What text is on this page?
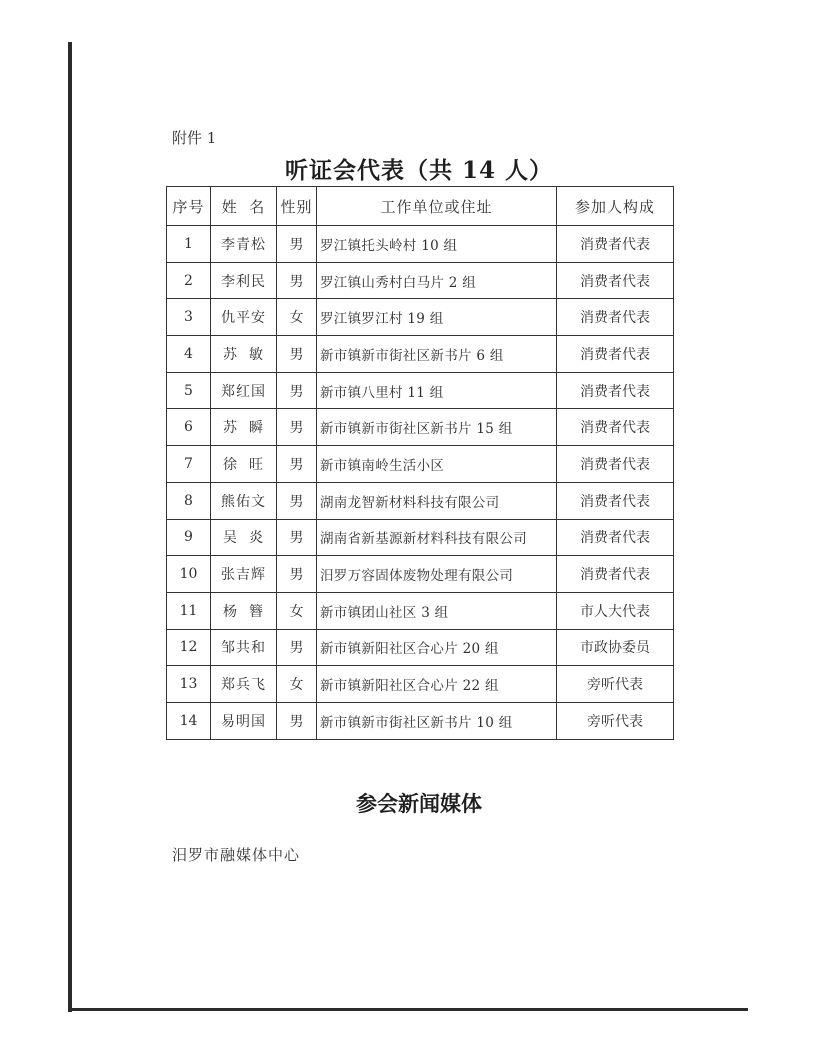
附件 1
听证会代表（共 14 人）
序号	姓  名	性别	工作单位或住址	参加人构成
1	李青松	男	罗江镇托头岭村 10 组	消费者代表
2	李利民	男	罗江镇山秀村白马片 2 组	消费者代表
3	仇平安	女	罗江镇罗江村 19 组	消费者代表
4	苏  敏	男	新市镇新市街社区新书片 6 组	消费者代表
5	郑红国	男	新市镇八里村 11 组	消费者代表
6	苏  瞬	男	新市镇新市街社区新书片 15 组	消费者代表
7	徐  旺	男	新市镇南岭生活小区	消费者代表
8	熊佑文	男	湖南龙智新材料科技有限公司	消费者代表
9	吴  炎	男	湖南省新基源新材料科技有限公司	消费者代表
10	张吉辉	男	汨罗万容固体废物处理有限公司	消费者代表
11	杨  簪	女	新市镇团山社区 3 组	市人大代表
12	邹共和	男	新市镇新阳社区合心片 20 组	市政协委员
13	郑兵飞	女	新市镇新阳社区合心片 22 组	旁听代表
14	易明国	男	新市镇新市街社区新书片 10 组	旁听代表
参会新闻媒体
汨罗市融媒体中心
